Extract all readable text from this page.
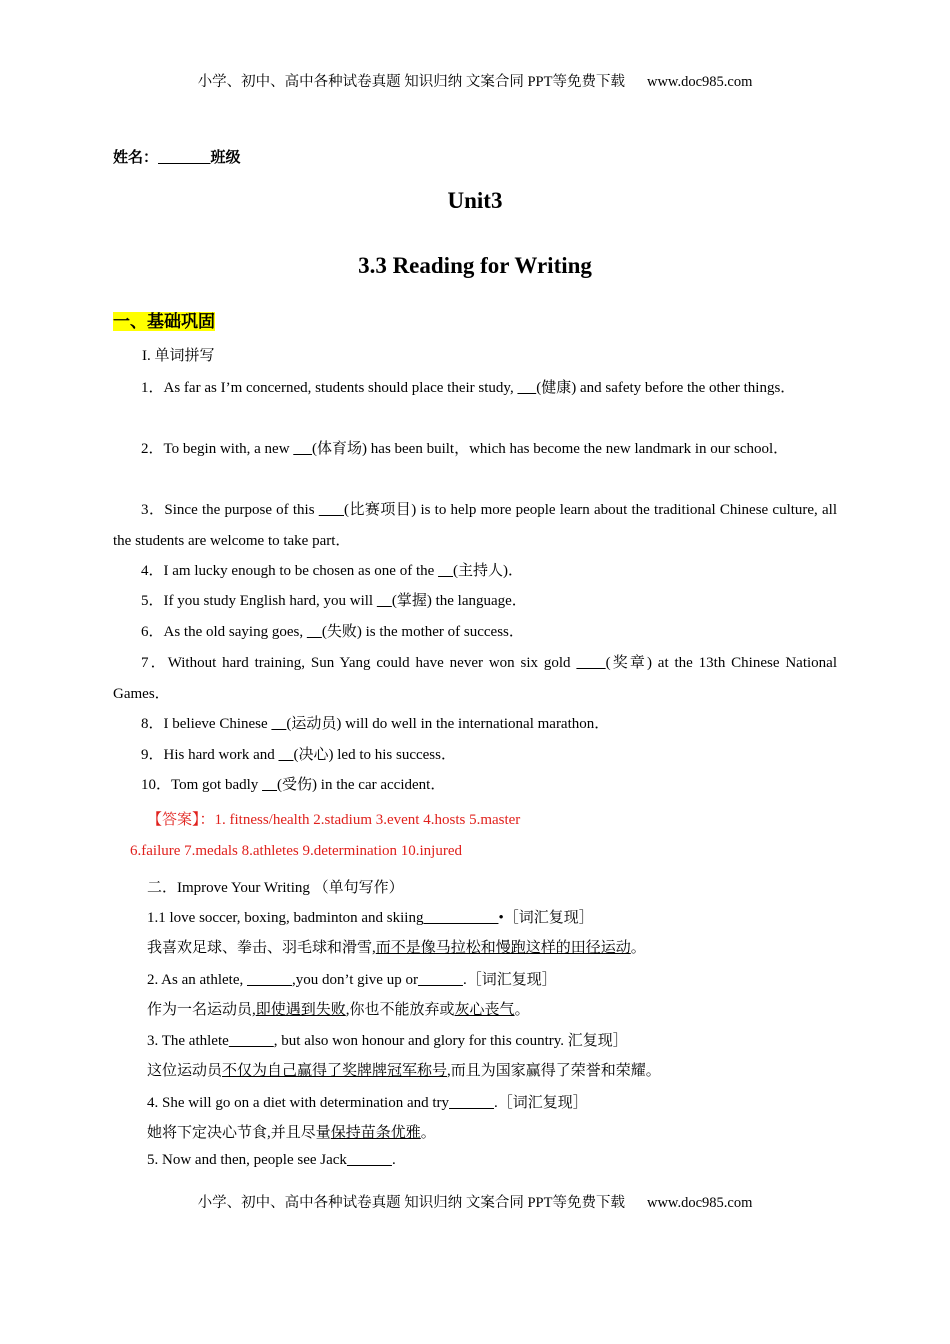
小学、初中、高中各种试卷真题 知识归纳 文案合同 PPT等免费下载 www.doc985.com
姓名：	班级
Unit3
3.3 Reading for Writing
一、基础巩固
I. 单词拼写
1．As far as I’m concerned, students should place their study,      (健康) and safety before the other things．
2．To begin with, a new      (体育场) has been built，which has become the new landmark in our school．
3．Since the purpose of this       (比赛项目) is to help more people learn about the traditional Chinese culture, all the students are welcome to take part．
4．I am lucky enough to be chosen as one of the     (主持人)．
5．If you study English hard, you will     (掌握) the language．
6．As the old saying goes,     (失败) is the mother of success．
7．Without hard training, Sun Yang could have never won six gold      (奖章) at the 13th Chinese National Games．
8．I believe Chinese     (运动员) will do well in the international marathon．
9．His hard work and     (决心) led to his success．
10．Tom got badly     (受伤) in the car accident．
【答案】：1. fitness/health 2.stadium 3.event 4.hosts 5.master
6.failure 7.medals 8.athletes 9.determination 10.injured
二．Improve Your Writing （单句写作）
1.1 love soccer, boxing, badminton and skiing	•［词汇复现］
我喜欢足球、拳击、羽毛球和滑雪,而不是像马拉松和慢跑这样的田径运动。
2. As an athlete,	,you don’t give up or	.［词汇复现］
作为一名运动员,即使遇到失败,你也不能放弃或灰心丧气。
3. The athlete	, but also won honour and glory for this country. 汇复现］
这位运动员不仅为自己赢得了奖牌牌冠军称号,而且为国家赢得了荣誉和荣耀。
4. She will go on a diet with determination and try	.［词汇复现］
她将下定决心节食,并且尽量保持苗条优雅。
5. Now and then, people see Jack	.
小学、初中、高中各种试卷真题 知识归纳 文案合同 PPT等免费下载 www.doc985.com
